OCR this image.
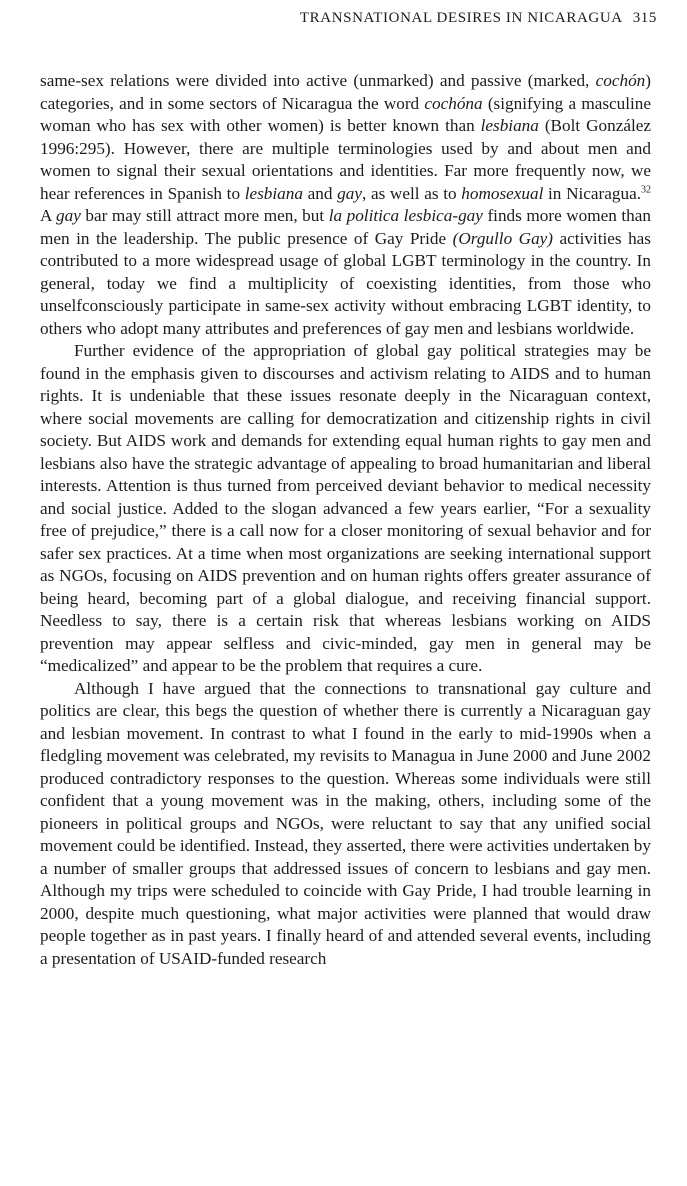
TRANSNATIONAL DESIRES IN NICARAGUA 315

same-sex relations were divided into active (unmarked) and passive (marked, cochón) categories, and in some sectors of Nicaragua the word cochóna (signifying a masculine woman who has sex with other women) is better known than lesbiana (Bolt González 1996:295). However, there are multiple terminologies used by and about men and women to signal their sexual orientations and identities. Far more frequently now, we hear references in Spanish to lesbiana and gay, as well as to homosexual in Nicaragua.$^{32}$ A gay bar may still attract more men, but la politica lesbica-gay finds more women than men in the leadership. The public presence of Gay Pride (Orgullo Gay) activities has contributed to a more widespread usage of global LGBT terminology in the country. In general, today we find a multiplicity of coexisting identities, from those who unselfconsciously participate in same-sex activity without embracing LGBT identity, to others who adopt many attributes and preferences of gay men and lesbians worldwide.

Further evidence of the appropriation of global gay political strategies may be found in the emphasis given to discourses and activism relating to AIDS and to human rights. It is undeniable that these issues resonate deeply in the Nicaraguan context, where social movements are calling for democratization and citizenship rights in civil society. But AIDS work and demands for extending equal human rights to gay men and lesbians also have the strategic advantage of appealing to broad humanitarian and liberal interests. Attention is thus turned from perceived deviant behavior to medical necessity and social justice. Added to the slogan advanced a few years earlier, “For a sexuality free of prejudice,” there is a call now for a closer monitoring of sexual behavior and for safer sex practices. At a time when most organizations are seeking international support as NGOs, focusing on AIDS prevention and on human rights offers greater assurance of being heard, becoming part of a global dialogue, and receiving financial support. Needless to say, there is a certain risk that whereas lesbians working on AIDS prevention may appear selfless and civic-minded, gay men in general may be “medicalized” and appear to be the problem that requires a cure.

Although I have argued that the connections to transnational gay culture and politics are clear, this begs the question of whether there is currently a Nicaraguan gay and lesbian movement. In contrast to what I found in the early to mid-1990s when a fledgling movement was celebrated, my revisits to Managua in June 2000 and June 2002 produced contradictory responses to the question. Whereas some individuals were still confident that a young movement was in the making, others, including some of the pioneers in political groups and NGOs, were reluctant to say that any unified social movement could be identified. Instead, they asserted, there were activities undertaken by a number of smaller groups that addressed issues of concern to lesbians and gay men. Although my trips were scheduled to coincide with Gay Pride, I had trouble learning in 2000, despite much questioning, what major activities were planned that would draw people together as in past years. I finally heard of and attended several events, including a presentation of USAID-funded research
